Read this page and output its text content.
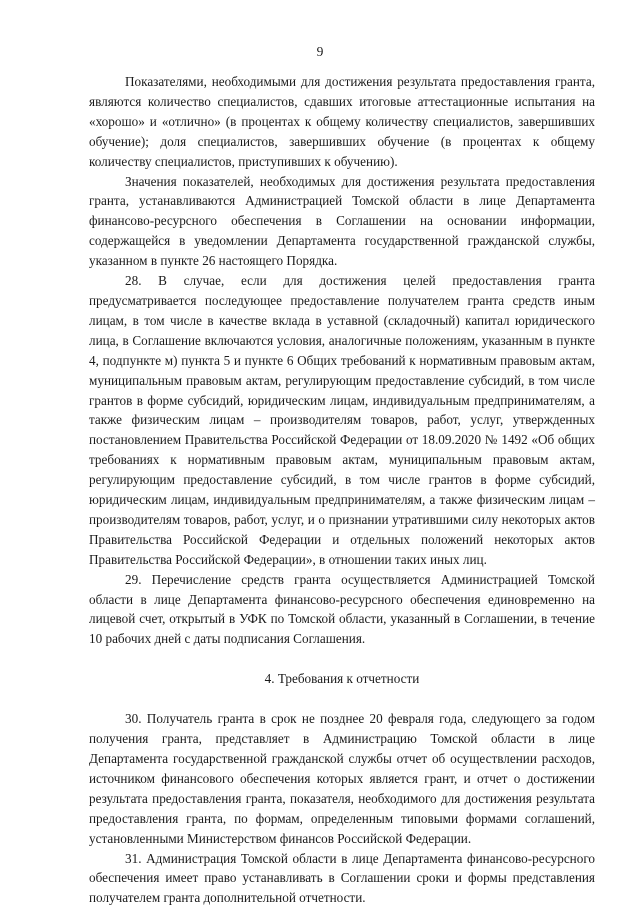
9

Показателями, необходимыми для достижения результата предоставления гранта, являются количество специалистов, сдавших итоговые аттестационные испытания на «хорошо» и «отлично» (в процентах к общему количеству специалистов, завершивших обучение); доля специалистов, завершивших обучение (в процентах к общему количеству специалистов, приступивших к обучению).

Значения показателей, необходимых для достижения результата предоставления гранта, устанавливаются Администрацией Томской области в лице Департамента финансово-ресурсного обеспечения в Соглашении на основании информации, содержащейся в уведомлении Департамента государственной гражданской службы, указанном в пункте 26 настоящего Порядка.

28. В случае, если для достижения целей предоставления гранта предусматривается последующее предоставление получателем гранта средств иным лицам, в том числе в качестве вклада в уставной (складочный) капитал юридического лица, в Соглашение включаются условия, аналогичные положениям, указанным в пункте 4, подпункте м) пункта 5 и пункте 6 Общих требований к нормативным правовым актам, муниципальным правовым актам, регулирующим предоставление субсидий, в том числе грантов в форме субсидий, юридическим лицам, индивидуальным предпринимателям, а также физическим лицам – производителям товаров, работ, услуг, утвержденных постановлением Правительства Российской Федерации от 18.09.2020 № 1492 «Об общих требованиях к нормативным правовым актам, муниципальным правовым актам, регулирующим предоставление субсидий, в том числе грантов в форме субсидий, юридическим лицам, индивидуальным предпринимателям, а также физическим лицам – производителям товаров, работ, услуг, и о признании утратившими силу некоторых актов Правительства Российской Федерации и отдельных положений некоторых актов Правительства Российской Федерации», в отношении таких иных лиц.

29. Перечисление средств гранта осуществляется Администрацией Томской области в лице Департамента финансово-ресурсного обеспечения единовременно на лицевой счет, открытый в УФК по Томской области, указанный в Соглашении, в течение 10 рабочих дней с даты подписания Соглашения.

4. Требования к отчетности

30. Получатель гранта в срок не позднее 20 февраля года, следующего за годом получения гранта, представляет в Администрацию Томской области в лице Департамента государственной гражданской службы отчет об осуществлении расходов, источником финансового обеспечения которых является грант, и отчет о достижении результата предоставления гранта, показателя, необходимого для достижения результата предоставления гранта, по формам, определенным типовыми формами соглашений, установленными Министерством финансов Российской Федерации.

31. Администрация Томской области в лице Департамента финансово-ресурсного обеспечения имеет право устанавливать в Соглашении сроки и формы представления получателем гранта дополнительной отчетности.
